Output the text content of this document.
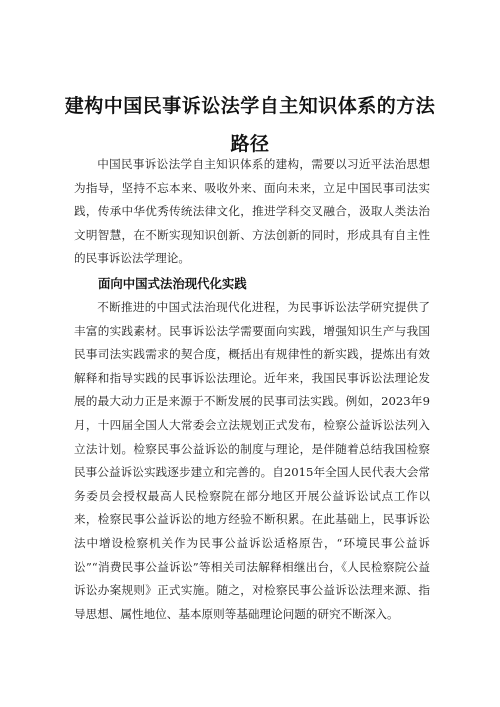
建构中国民事诉讼法学自主知识体系的方法路径

中国民事诉讼法学自主知识体系的建构，需要以习近平法治思想为指导，坚持不忘本来、吸收外来、面向未来，立足中国民事司法实践，传承中华优秀传统法律文化，推进学科交叉融合，汲取人类法治文明智慧，在不断实现知识创新、方法创新的同时，形成具有自主性的民事诉讼法学理论。

面向中国式法治现代化实践

不断推进的中国式法治现代化进程，为民事诉讼法学研究提供了丰富的实践素材。民事诉讼法学需要面向实践，增强知识生产与我国民事司法实践需求的契合度，概括出有规律性的新实践，提炼出有效解释和指导实践的民事诉讼法理论。近年来，我国民事诉讼法理论发展的最大动力正是来源于不断发展的民事司法实践。例如，2023年9月，十四届全国人大常委会立法规划正式发布，检察公益诉讼法列入立法计划。检察民事公益诉讼的制度与理论，是伴随着总结我国检察民事公益诉讼实践逐步建立和完善的。自2015年全国人民代表大会常务委员会授权最高人民检察院在部分地区开展公益诉讼试点工作以来，检察民事公益诉讼的地方经验不断积累。在此基础上，民事诉讼法中增设检察机关作为民事公益诉讼适格原告，“环境民事公益诉讼”“消费民事公益诉讼”等相关司法解释相继出台，《人民检察院公益诉讼办案规则》正式实施。随之，对检察民事公益诉讼法理来源、指导思想、属性地位、基本原则等基础理论问题的研究不断深入。
